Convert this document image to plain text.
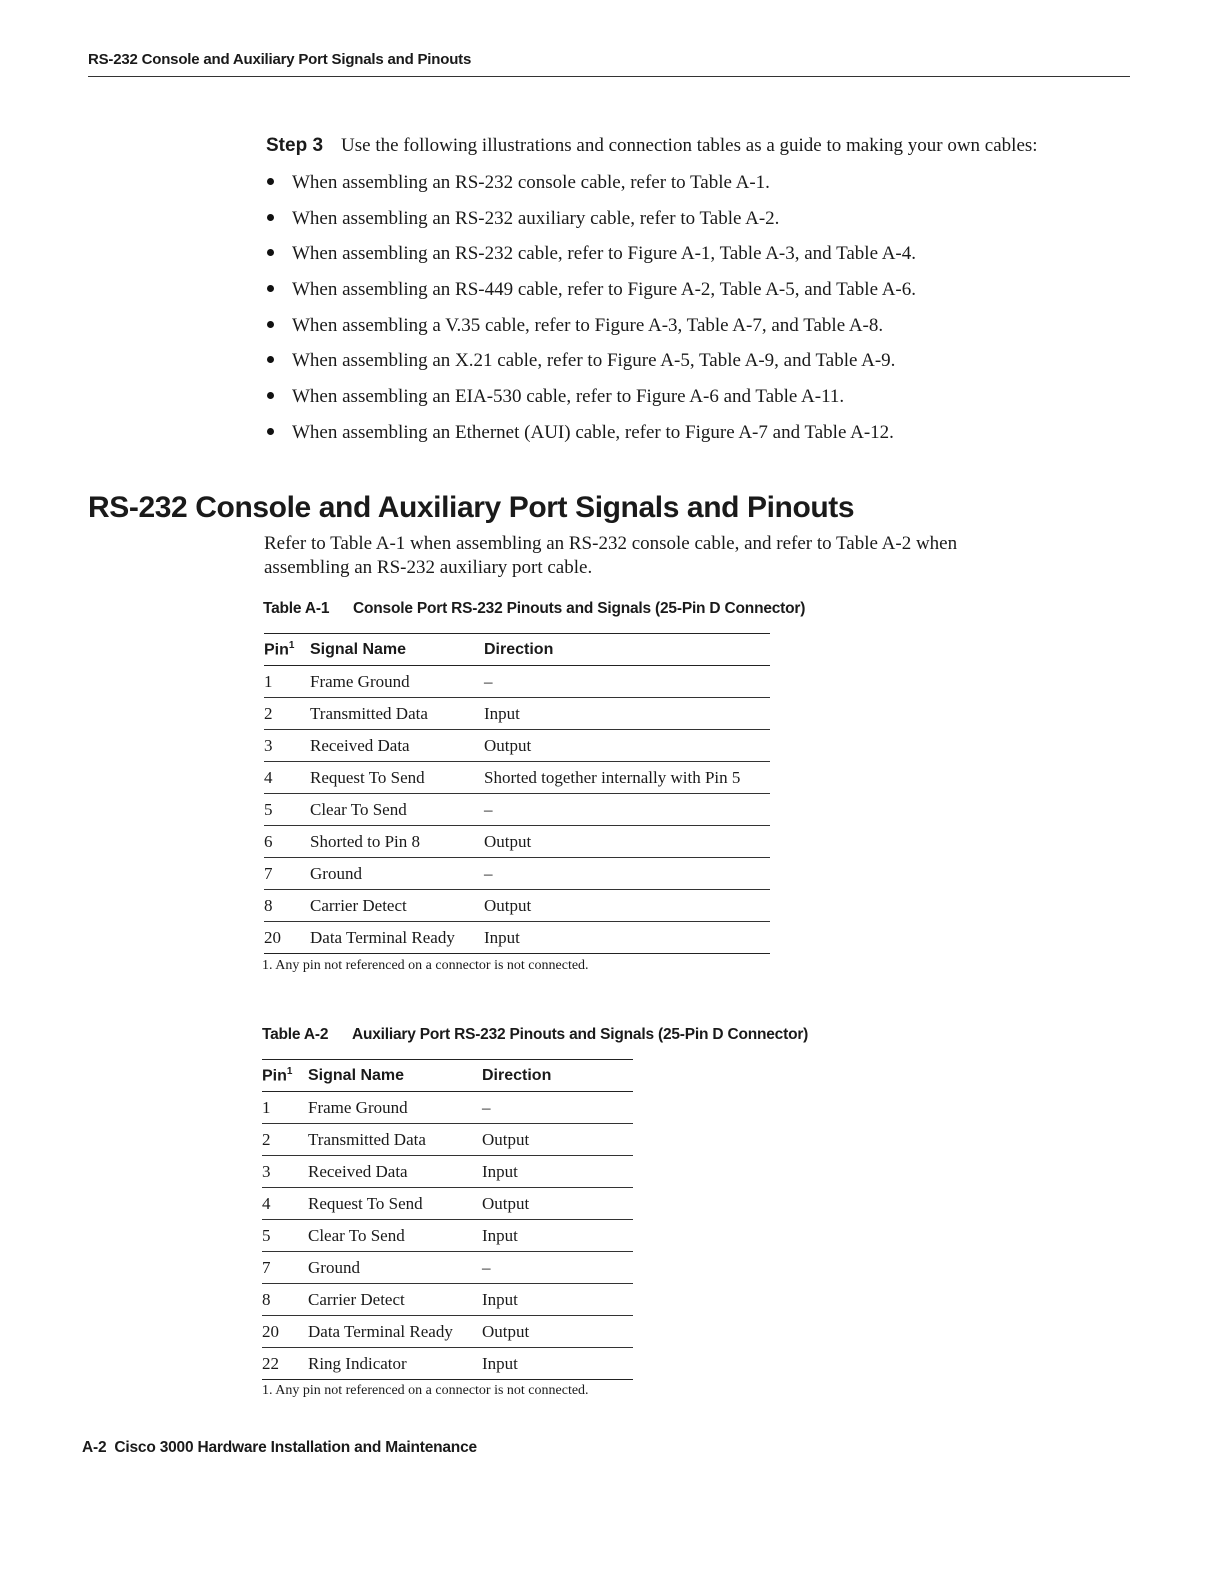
RS-232 Console and Auxiliary Port Signals and Pinouts
Step 3 Use the following illustrations and connection tables as a guide to making your own cables:
When assembling an RS-232 console cable, refer to Table A-1.
When assembling an RS-232 auxiliary cable, refer to Table A-2.
When assembling an RS-232 cable, refer to Figure A-1, Table A-3, and Table A-4.
When assembling an RS-449 cable, refer to Figure A-2, Table A-5, and Table A-6.
When assembling a V.35 cable, refer to Figure A-3, Table A-7, and Table A-8.
When assembling an X.21 cable, refer to Figure A-5, Table A-9, and Table A-9.
When assembling an EIA-530 cable, refer to Figure A-6 and Table A-11.
When assembling an Ethernet (AUI) cable, refer to Figure A-7 and Table A-12.
RS-232 Console and Auxiliary Port Signals and Pinouts
Refer to Table A-1 when assembling an RS-232 console cable, and refer to Table A-2 when assembling an RS-232 auxiliary port cable.
Table A-1 Console Port RS-232 Pinouts and Signals (25-Pin D Connector)
Pin$^1$	Signal Name	Direction
1	Frame Ground	–
2	Transmitted Data	Input
3	Received Data	Output
4	Request To Send	Shorted together internally with Pin 5
5	Clear To Send	–
6	Shorted to Pin 8	Output
7	Ground	–
8	Carrier Detect	Output
20	Data Terminal Ready	Input
1. Any pin not referenced on a connector is not connected.
Table A-2 Auxiliary Port RS-232 Pinouts and Signals (25-Pin D Connector)
Pin$^1$	Signal Name	Direction
1	Frame Ground	–
2	Transmitted Data	Output
3	Received Data	Input
4	Request To Send	Output
5	Clear To Send	Input
7	Ground	–
8	Carrier Detect	Input
20	Data Terminal Ready	Output
22	Ring Indicator	Input
1. Any pin not referenced on a connector is not connected.
A-2 Cisco 3000 Hardware Installation and Maintenance
